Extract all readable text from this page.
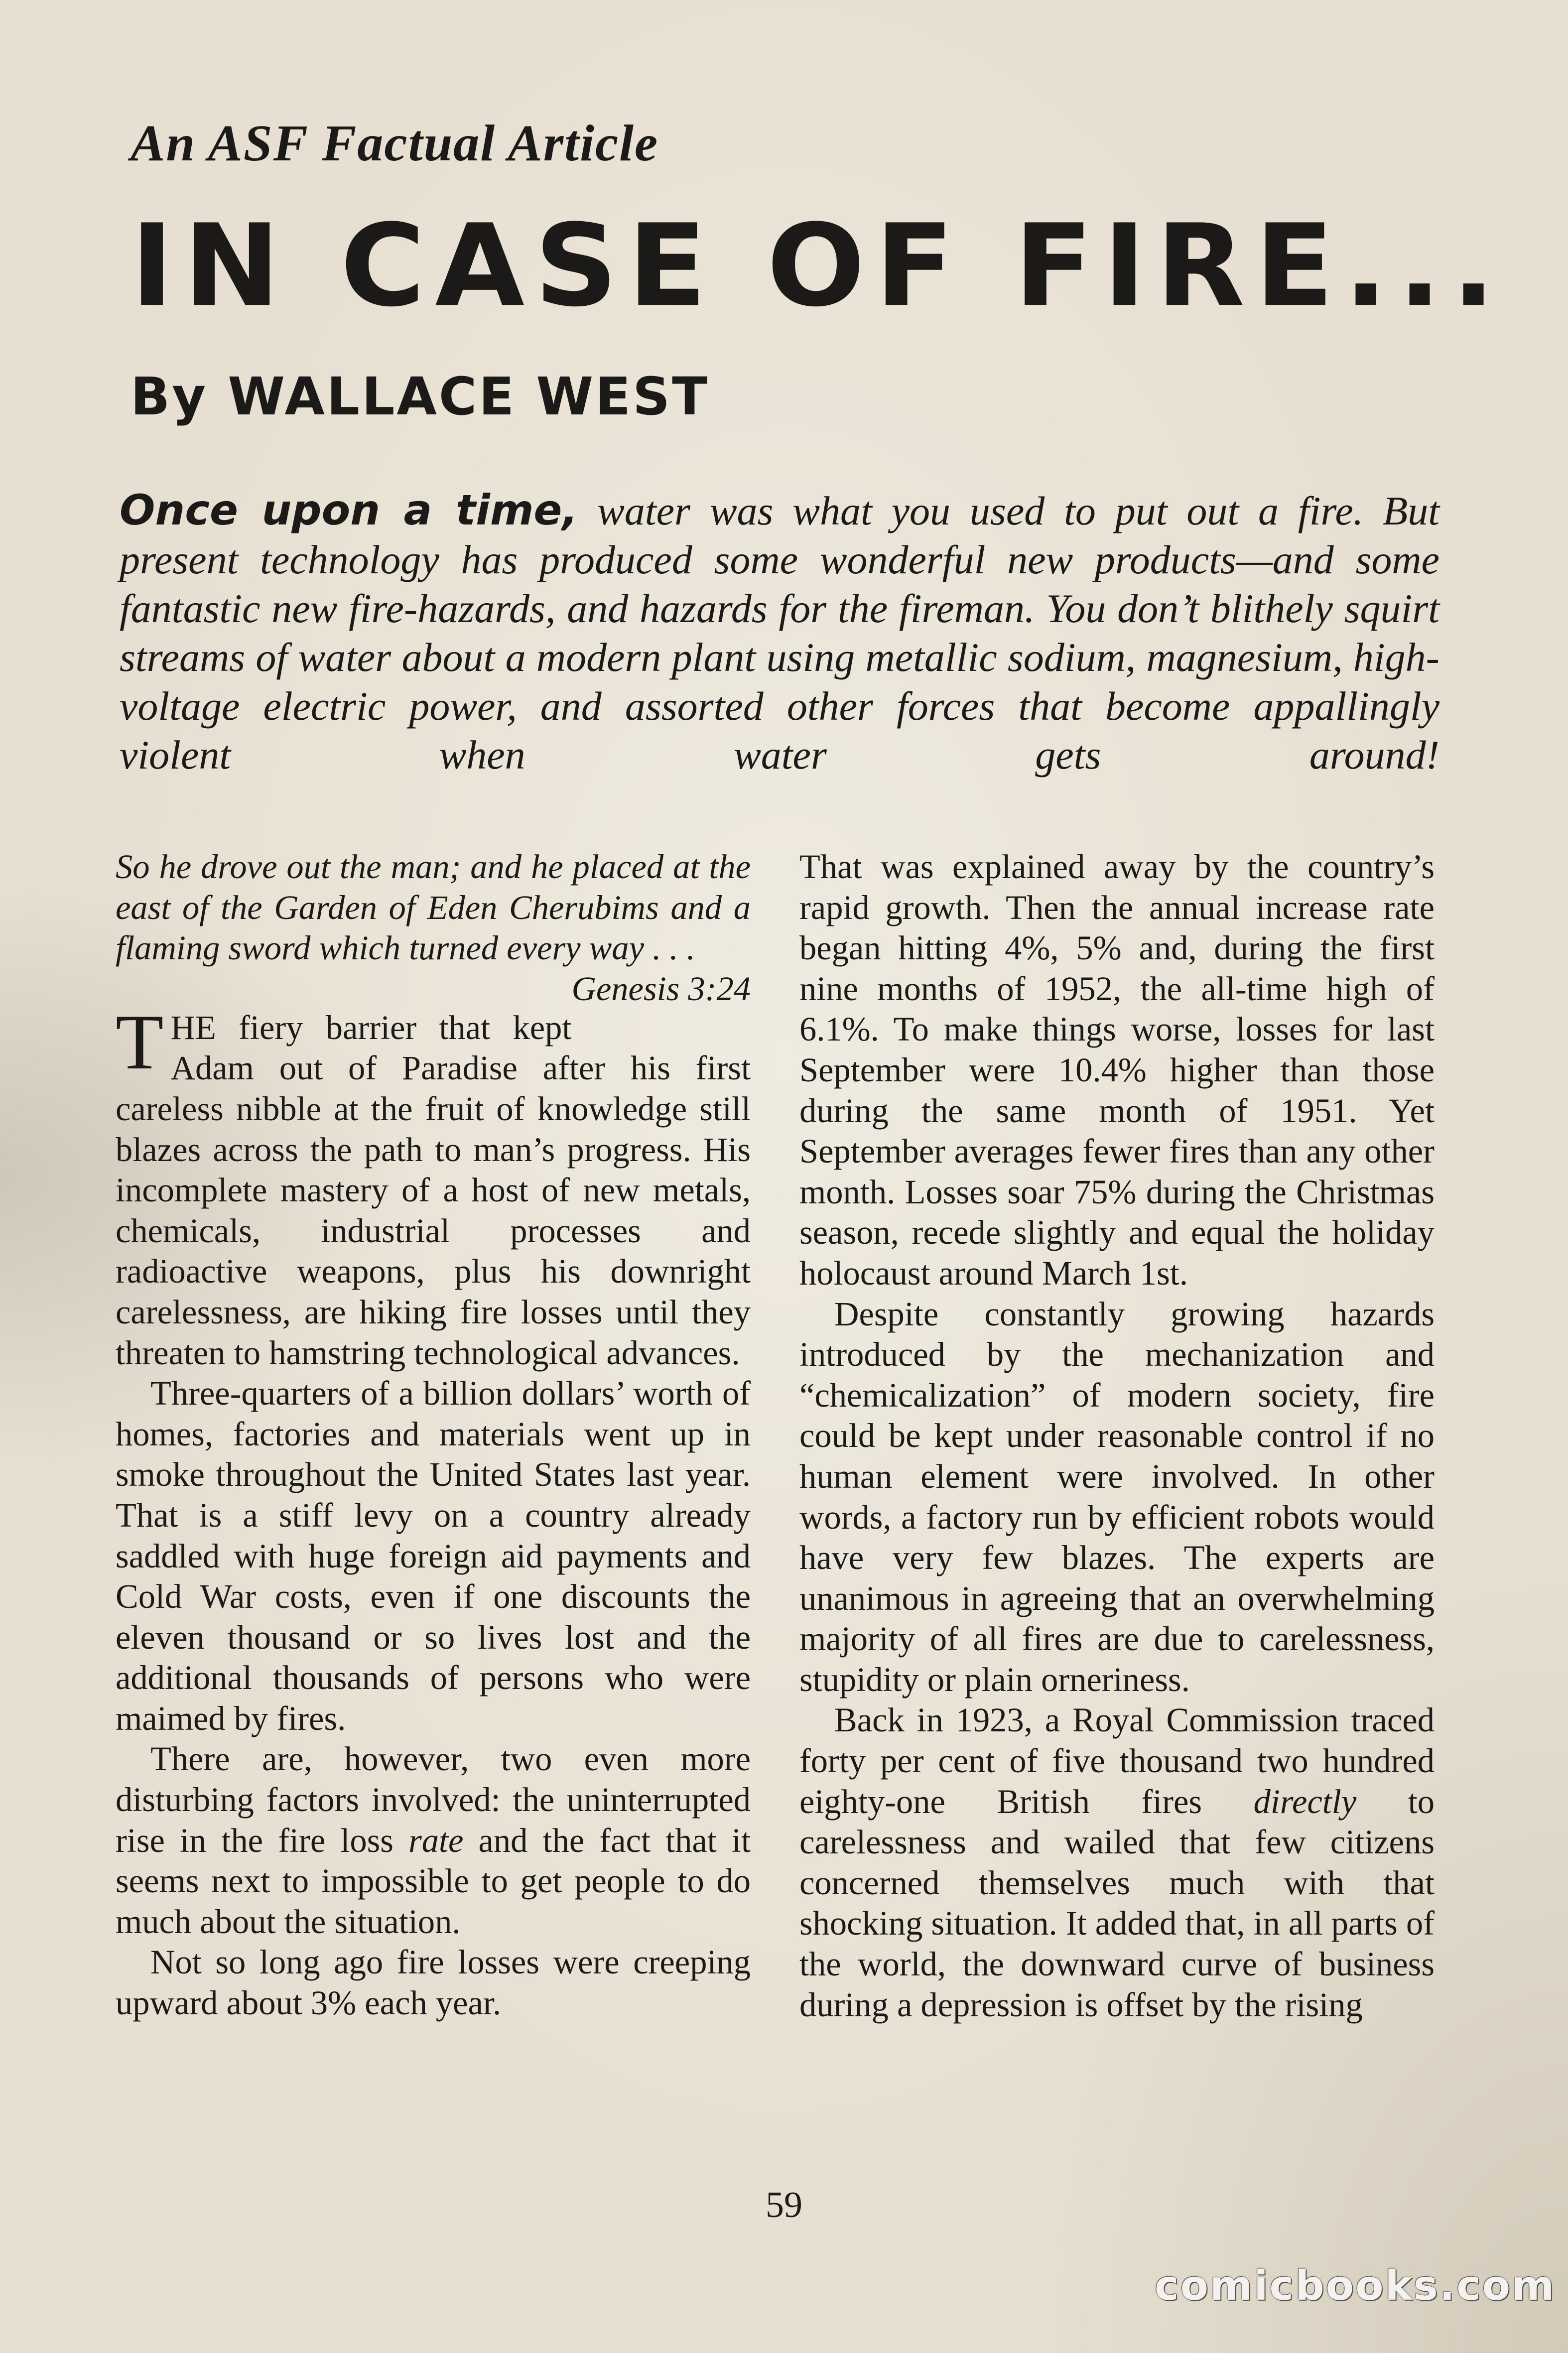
An ASF Factual Article
IN CASE OF FIRE...
By WALLACE WEST

Once upon a time, water was what you used to put out a fire. But present technology has produced some wonderful new products—and some fantastic new fire-hazards, and hazards for the fireman. You don’t blithely squirt streams of water about a modern plant using metallic sodium, magnesium, high-voltage electric power, and assorted other forces that become appallingly violent when water gets around!

So he drove out the man; and he placed at the east of the Garden of Eden Cherubims and a flaming sword which turned every way . . .
Genesis 3:24

THE fiery barrier that kept Adam out of Paradise after his first careless nibble at the fruit of knowledge still blazes across the path to man’s progress. His incomplete mastery of a host of new metals, chemicals, industrial processes and radioactive weapons, plus his downright carelessness, are hiking fire losses until they threaten to hamstring technological advances.

Three-quarters of a billion dollars’ worth of homes, factories and materials went up in smoke throughout the United States last year. That is a stiff levy on a country already saddled with huge foreign aid payments and Cold War costs, even if one discounts the eleven thousand or so lives lost and the additional thousands of persons who were maimed by fires.

There are, however, two even more disturbing factors involved: the uninterrupted rise in the fire loss rate and the fact that it seems next to impossible to get people to do much about the situation.

Not so long ago fire losses were creeping upward about 3% each year.

That was explained away by the country’s rapid growth. Then the annual increase rate began hitting 4%, 5% and, during the first nine months of 1952, the all-time high of 6.1%. To make things worse, losses for last September were 10.4% higher than those during the same month of 1951. Yet September averages fewer fires than any other month. Losses soar 75% during the Christmas season, recede slightly and equal the holiday holocaust around March 1st.

Despite constantly growing hazards introduced by the mechanization and “chemicalization” of modern society, fire could be kept under reasonable control if no human element were involved. In other words, a factory run by efficient robots would have very few blazes. The experts are unanimous in agreeing that an overwhelming majority of all fires are due to carelessness, stupidity or plain orneriness.

Back in 1923, a Royal Commission traced forty per cent of five thousand two hundred eighty-one British fires directly to carelessness and wailed that few citizens concerned themselves much with that shocking situation. It added that, in all parts of the world, the downward curve of business during a depression is offset by the rising

59
comicbooks.com
